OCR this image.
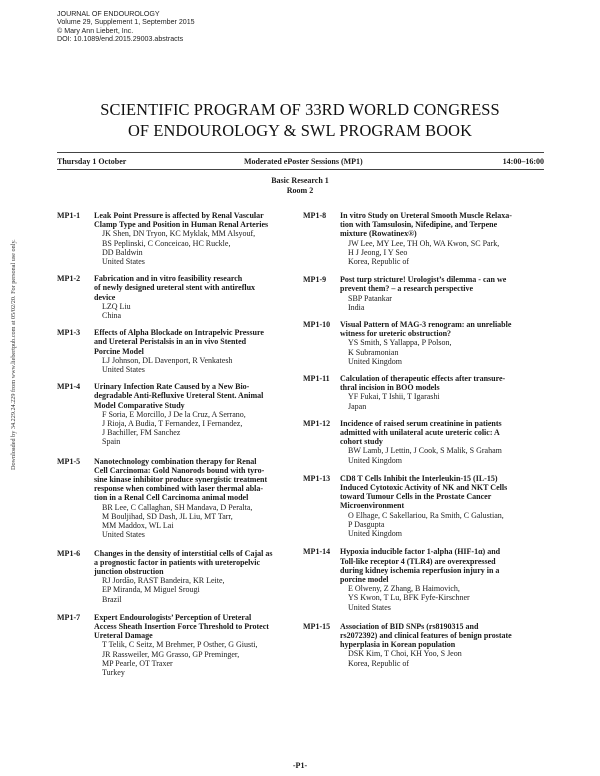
JOURNAL OF ENDOUROLOGY
Volume 29, Supplement 1, September 2015
© Mary Ann Liebert, Inc.
DOI: 10.1089/end.2015.29003.abstracts
Downloaded by 34.229.24.229 from www.liebertpub.com at 05/02/20. For personal use only.
SCIENTIFIC PROGRAM OF 33RD WORLD CONGRESS
OF ENDOUROLOGY & SWL PROGRAM BOOK
Thursday 1 October	Moderated ePoster Sessions (MP1)	14:00–16:00
Basic Research 1
Room 2
MP1-1 Leak Point Pressure is affected by Renal Vascular
Clamp Type and Position in Human Renal Arteries
JK Shen, DN Tryon, KC Myklak, MM Alsyouf,
BS Peplinski, C Conceicao, HC Ruckle,
DD Baldwin
United States
MP1-2 Fabrication and in vitro feasibility research
of newly designed ureteral stent with antireflux
device
LZQ Liu
China
MP1-3 Effects of Alpha Blockade on Intrapelvic Pressure
and Ureteral Peristalsis in an in vivo Stented
Porcine Model
LJ Johnson, DL Davenport, R Venkatesh
United States
MP1-4 Urinary Infection Rate Caused by a New Bio-
degradable Anti-Refluxive Ureteral Stent. Animal
Model Comparative Study
F Soria, E Morcillo, J De la Cruz, A Serrano,
J Rioja, A Budia, T Fernandez, I Fernandez,
J Bachiller, FM Sanchez
Spain
MP1-5 Nanotechnology combination therapy for Renal
Cell Carcinoma: Gold Nanorods bound with tyro-
sine kinase inhibitor produce synergistic treatment
response when combined with laser thermal abla-
tion in a Renal Cell Carcinoma animal model
BR Lee, C Callaghan, SH Mandava, D Peralta,
M Bouljihad, SD Dash, JL Liu, MT Tarr,
MM Maddox, WL Lai
United States
MP1-6 Changes in the density of interstitial cells of Cajal as
a prognostic factor in patients with ureteropelvic
junction obstruction
RJ Jordão, RAST Bandeira, KR Leite,
EP Miranda, M Miguel Srougi
Brazil
MP1-7 Expert Endourologists’ Perception of Ureteral
Access Sheath Insertion Force Threshold to Protect
Ureteral Damage
T Telik, C Seitz, M Brehmer, P Osther, G Giusti,
JR Rassweiler, MG Grasso, GP Preminger,
MP Pearle, OT Traxer
Turkey
MP1-8 In vitro Study on Ureteral Smooth Muscle Relaxa-
tion with Tamsulosin, Nifedipine, and Terpene
mixture (Rowatinex®)
JW Lee, MY Lee, TH Oh, WA Kwon, SC Park,
H J Jeong, I Y Seo
Korea, Republic of
MP1-9 Post turp stricture! Urologist’s dilemma - can we
prevent them? – a research perspective
SBP Patankar
India
MP1-10 Visual Pattern of MAG-3 renogram: an unreliable
witness for ureteric obstruction?
YS Smith, S Yallappa, P Polson,
K Subramonian
United Kingdom
MP1-11 Calculation of therapeutic effects after transure-
thral incision in BOO models
YF Fukai, T Ishii, T Igarashi
Japan
MP1-12 Incidence of raised serum creatinine in patients
admitted with unilateral acute ureteric colic: A
cohort study
BW Lamb, J Lettin, J Cook, S Malik, S Graham
United Kingdom
MP1-13 CD8 T Cells Inhibit the Interleukin-15 (IL-15)
Induced Cytotoxic Activity of NK and NKT Cells
toward Tumour Cells in the Prostate Cancer
Microenvironment
O Elhage, C Sakellariou, Ra Smith, C Galustian,
P Dasgupta
United Kingdom
MP1-14 Hypoxia inducible factor 1-alpha (HIF-1α) and
Toll-like receptor 4 (TLR4) are overexpressed
during kidney ischemia reperfusion injury in a
porcine model
E Olweny, Z Zhang, B Haimovich,
YS Kwon, T Lu, BFK Fyfe-Kirschner
United States
MP1-15 Association of BID SNPs (rs8190315 and
rs2072392) and clinical features of benign prostate
hyperplasia in Korean population
DSK Kim, T Choi, KH Yoo, S Jeon
Korea, Republic of
-P1-
